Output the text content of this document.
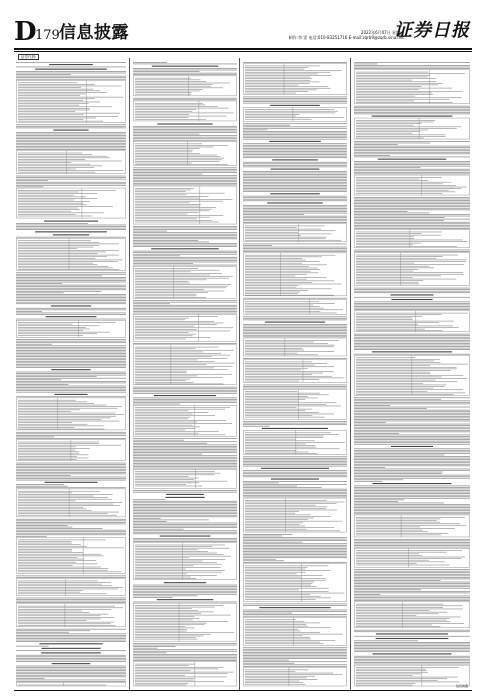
D
179 信息披露	2022年6月07日 星期三
制作:李 雷 电话:010-83251716 E-mail:zqrb9@zqrb.sina.net
证券日报
证券代码:
信息披露
